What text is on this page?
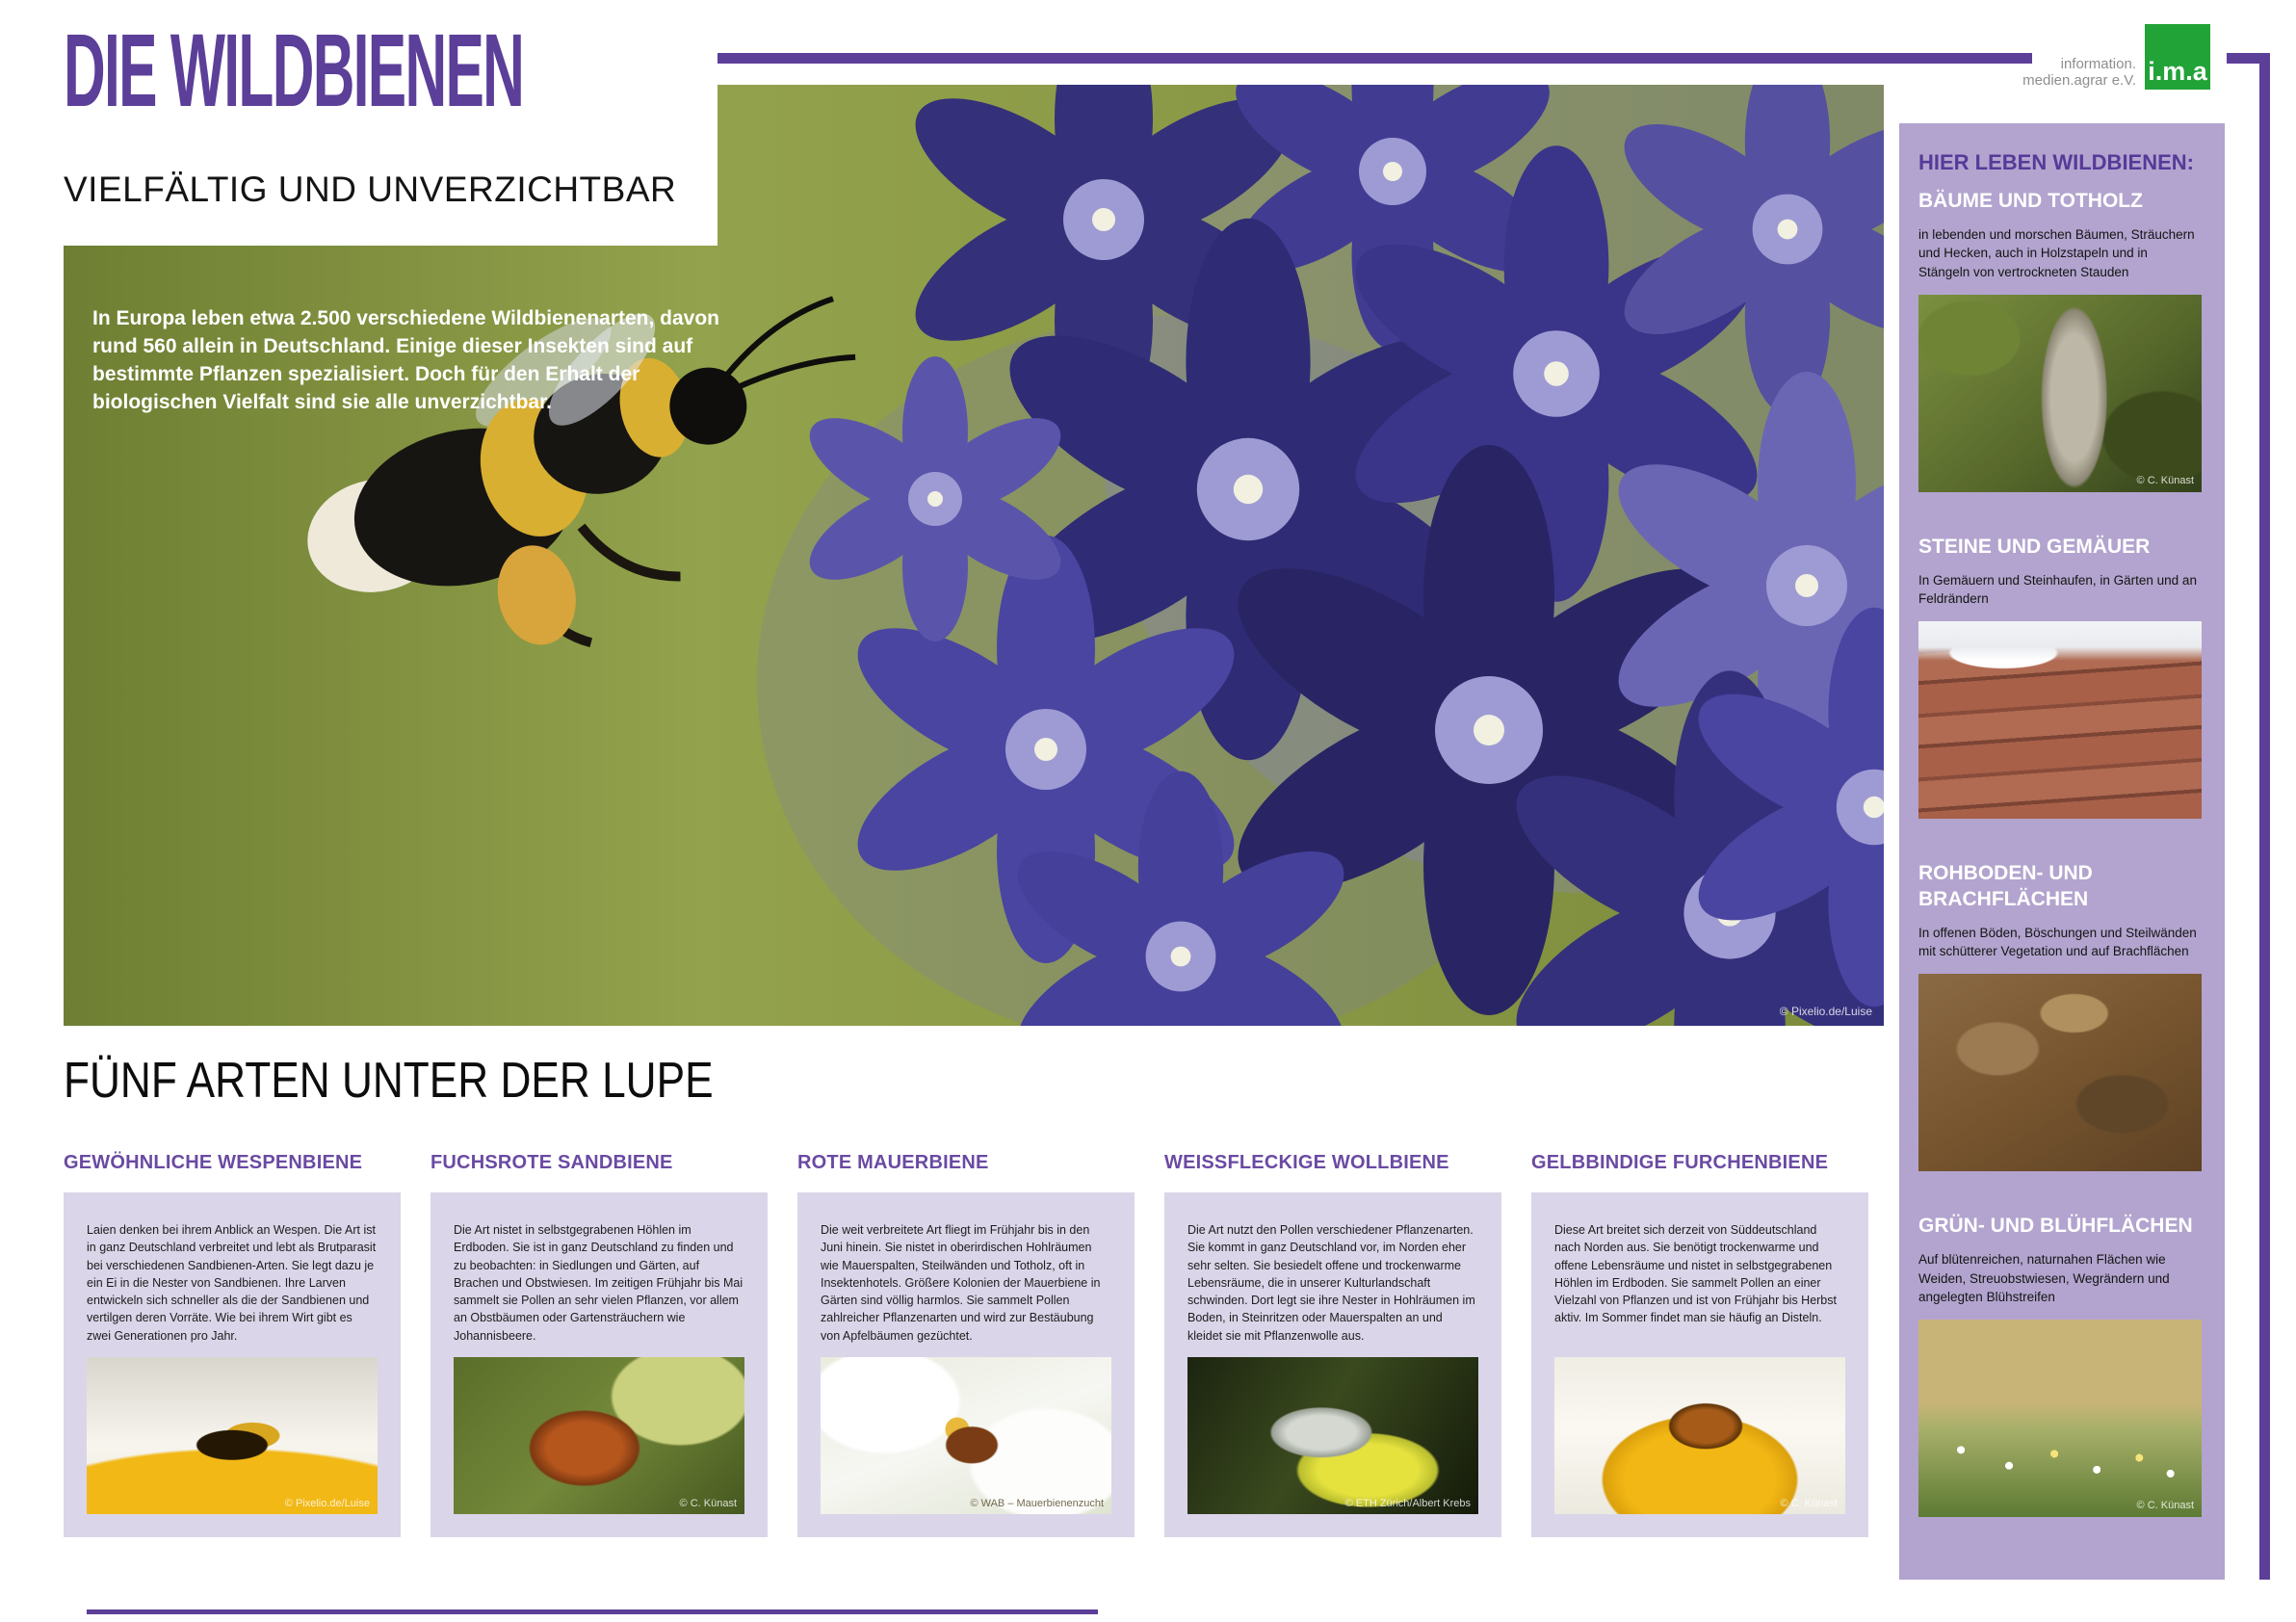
In Europa leben etwa 2.500 verschiedene Wildbienenarten, davon rund 560 allein in Deutschland. Einige dieser Insekten sind auf bestimmte Pflanzen spezialisiert. Doch für den Erhalt der biologischen Vielfalt sind sie alle unverzichtbar.

© Pixelio.de/Luise
DIE WILDBIENEN
VIELFÄLTIG UND UNVERZICHTBAR
information.
medien.agrar e.V. i.m.a
FÜNF ARTEN UNTER DER LUPE
GEWÖHNLICHE WESPENBIENE

Laien denken bei ihrem Anblick an Wespen. Die Art ist in ganz Deutschland verbreitet und lebt als Brutparasit bei verschiedenen Sandbienen-Arten. Sie legt dazu je ein Ei in die Nester von Sandbienen. Ihre Larven entwickeln sich schneller als die der Sandbienen und vertilgen deren Vorräte. Wie bei ihrem Wirt gibt es zwei Generationen pro Jahr.

© Pixelio.de/Luise
FUCHSROTE SANDBIENE

Die Art nistet in selbstgegrabenen Höhlen im Erdboden. Sie ist in ganz Deutschland zu finden und zu beobachten: in Siedlungen und Gärten, auf Brachen und Obstwiesen. Im zeitigen Frühjahr bis Mai sammelt sie Pollen an sehr vielen Pflanzen, vor allem an Obstbäumen oder Gartensträuchern wie Johannisbeere.

© C. Künast
ROTE MAUERBIENE

Die weit verbreitete Art fliegt im Frühjahr bis in den Juni hinein. Sie nistet in oberirdischen Hohlräumen wie Mauerspalten, Steilwänden und Totholz, oft in Insektenhotels. Größere Kolonien der Mauerbiene in Gärten sind völlig harmlos. Sie sammelt Pollen zahlreicher Pflanzenarten und wird zur Bestäubung von Apfelbäumen gezüchtet.

© WAB – Mauerbienenzucht
WEISSFLECKIGE WOLLBIENE

Die Art nutzt den Pollen verschiedener Pflanzenarten. Sie kommt in ganz Deutschland vor, im Norden eher sehr selten. Sie besiedelt offene und trockenwarme Lebensräume, die in unserer Kulturlandschaft schwinden. Dort legt sie ihre Nester in Hohlräumen im Boden, in Steinritzen oder Mauerspalten an und kleidet sie mit Pflanzenwolle aus.

© ETH Zürich/Albert Krebs
GELBBINDIGE FURCHENBIENE

Diese Art breitet sich derzeit von Süddeutschland nach Norden aus. Sie benötigt trockenwarme und offene Lebensräume und nistet in selbstgegrabenen Höhlen im Erdboden. Sie sammelt Pollen an einer Vielzahl von Pflanzen und ist von Frühjahr bis Herbst aktiv. Im Sommer findet man sie häufig an Disteln.

© C. Künast
HIER LEBEN WILDBIENEN:
BÄUME UND TOTHOLZ

in lebenden und morschen Bäumen, Sträuchern und Hecken, auch in Holzstapeln und in Stängeln von vertrockneten Stauden

© C. Künast
STEINE UND GEMÄUER

In Gemäuern und Steinhaufen, in Gärten und an Feldrändern

ROHBODEN- UND BRACHFLÄCHEN

In offenen Böden, Böschungen und Steilwänden mit schütterer Vegetation und auf Brachflächen

GRÜN- UND BLÜHFLÄCHEN

Auf blütenreichen, naturnahen Flächen wie Weiden, Streuobstwiesen, Wegrändern und angelegten Blühstreifen

© C. Künast
